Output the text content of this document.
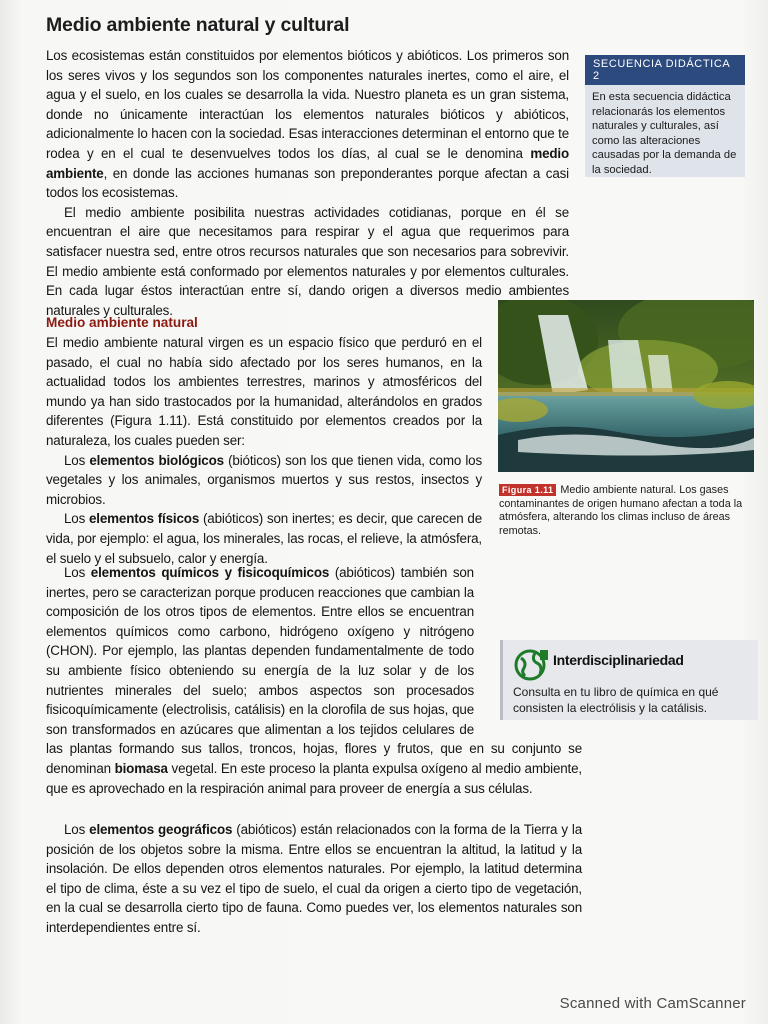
Medio ambiente natural y cultural

Los ecosistemas están constituidos por elementos bióticos y abióticos. Los primeros son los seres vivos y los segundos son los componentes naturales inertes, como el aire, el agua y el suelo, en los cuales se desarrolla la vida. Nuestro planeta es un gran sistema, donde no únicamente interactúan los elementos naturales bióticos y abióticos, adicionalmente lo hacen con la sociedad. Esas interacciones determinan el entorno que te rodea y en el cual te desenvuelves todos los días, al cual se le denomina medio ambiente, en donde las acciones humanas son preponderantes porque afectan a casi todos los ecosistemas.

El medio ambiente posibilita nuestras actividades cotidianas, porque en él se encuentran el aire que necesitamos para respirar y el agua que requerimos para satisfacer nuestra sed, entre otros recursos naturales que son necesarios para sobrevivir. El medio ambiente está conformado por elementos naturales y por elementos culturales. En cada lugar éstos interactúan entre sí, dando origen a diversos medio ambientes naturales y culturales.

SECUENCIA DIDÁCTICA 2
En esta secuencia didáctica relacionarás los elementos naturales y culturales, así como las alteraciones causadas por la demanda de la sociedad.
Medio ambiente natural

El medio ambiente natural virgen es un espacio físico que perduró en el pasado, el cual no había sido afectado por los seres humanos, en la actualidad todos los ambientes terrestres, marinos y atmosféricos del mundo ya han sido trastocados por la humanidad, alterándolos en grados diferentes (Figura 1.11). Está constituido por elementos creados por la naturaleza, los cuales pueden ser:

Los elementos biológicos (bióticos) son los que tienen vida, como los vegetales y los animales, organismos muertos y sus restos, insectos y microbios.

Los elementos físicos (abióticos) son inertes; es decir, que carecen de vida, por ejemplo: el agua, los minerales, las rocas, el relieve, la atmósfera, el suelo y el subsuelo, calor y energía.

Figura 1.11 Medio ambiente natural. Los gases contaminantes de origen humano afectan a toda la atmósfera, alterando los climas incluso de áreas remotas.

Los elementos químicos y fisicoquímicos (abióticos) también son inertes, pero se caracterizan porque producen reacciones que cambian la composición de los otros tipos de elementos. Entre ellos se encuentran elementos químicos como carbono, hidrógeno oxígeno y nitrógeno (CHON). Por ejemplo, las plantas dependen fundamentalmente de todo su ambiente físico obteniendo su energía de la luz solar y de los nutrientes minerales del suelo; ambos aspectos son procesados fisicoquímicamente (electrolisis, catálisis) en la clorofila de sus hojas, que son transformados en azúcares que alimentan a los tejidos celulares de las plantas formando sus tallos, troncos, hojas, flores y frutos, que en su conjunto se denominan biomasa vegetal. En este proceso la planta expulsa oxígeno al medio ambiente, que es aprovechado en la respiración animal para proveer de energía a sus células.

Interdisciplinariedad
Consulta en tu libro de química en qué consisten la electrólisis y la catálisis.

Los elementos geográficos (abióticos) están relacionados con la forma de la Tierra y la posición de los objetos sobre la misma. Entre ellos se encuentran la altitud, la latitud y la insolación. De ellos dependen otros elementos naturales. Por ejemplo, la latitud determina el tipo de clima, éste a su vez el tipo de suelo, el cual da origen a cierto tipo de vegetación, en la cual se desarrolla cierto tipo de fauna. Como puedes ver, los elementos naturales son interdependientes entre sí.

Scanned with CamScanner
